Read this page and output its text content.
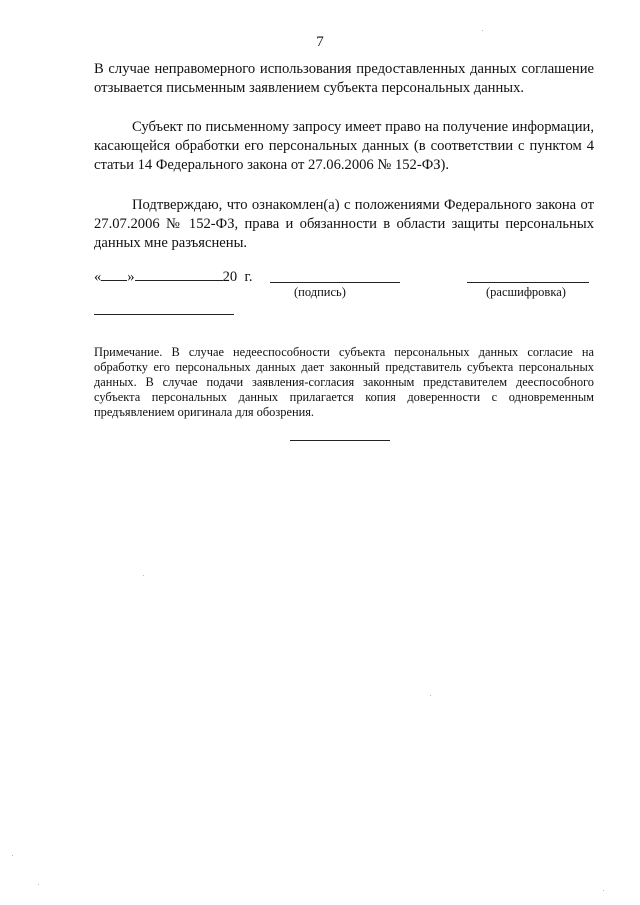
7

В случае неправомерного использования предоставленных данных соглашение отзывается письменным заявлением субъекта персональных данных.

Субъект по письменному запросу имеет право на получение информации, касающейся обработки его персональных данных (в соответствии с пунктом 4 статьи 14 Федерального закона от 27.06.2006 № 152-ФЗ).

Подтверждаю, что ознакомлен(а) с положениями Федерального закона от 27.07.2006 № 152-ФЗ, права и обязанности в области защиты персональных данных мне разъяснены.

« »	20 г.
(подпись)	(расшифровка)

Примечание. В случае недееспособности субъекта персональных данных согласие на обработку его персональных данных дает законный представитель субъекта персональных данных. В случае подачи заявления-согласия законным представителем дееспособного субъекта персональных данных прилагается копия доверенности с одновременным предъявлением оригинала для обозрения.
